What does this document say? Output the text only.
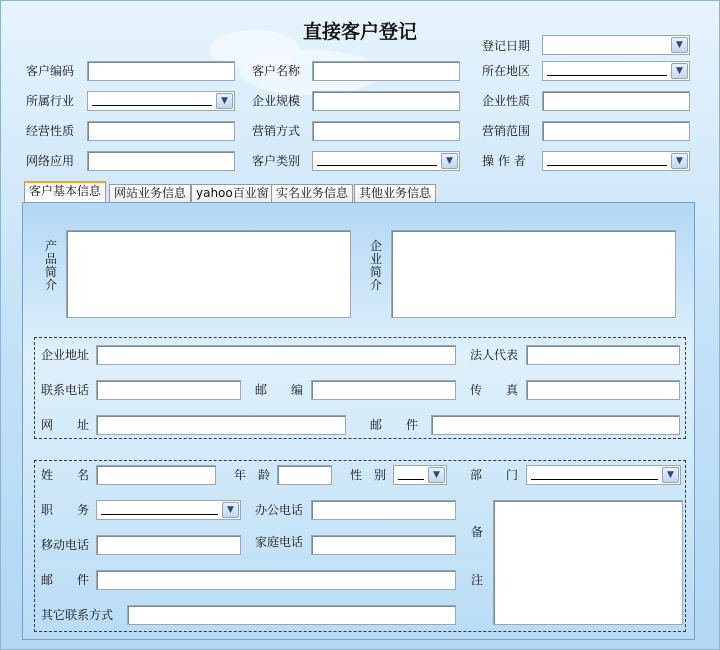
直接客户登记
登记日期	▼
客户编码	客户名称	所在地区	▼
所属行业	▼	企业规模	企业性质
经营性质	营销方式	营销范围
网络应用	客户类别	▼	操 作 者	▼
客户基本信息	网站业务信息 yahoo百业窗 实名业务信息 其他业务信息
产
品
简
介
企
业
简
介
企业地址	法人代表
联系电话	邮　　编	传　　真
网　　址	邮　　件
姓　　名	年　龄	性　别	▼	部　　门	▼
职　　务	▼	办公电话
移动电话	家庭电话
邮　　件
其它联系方式
备
注
